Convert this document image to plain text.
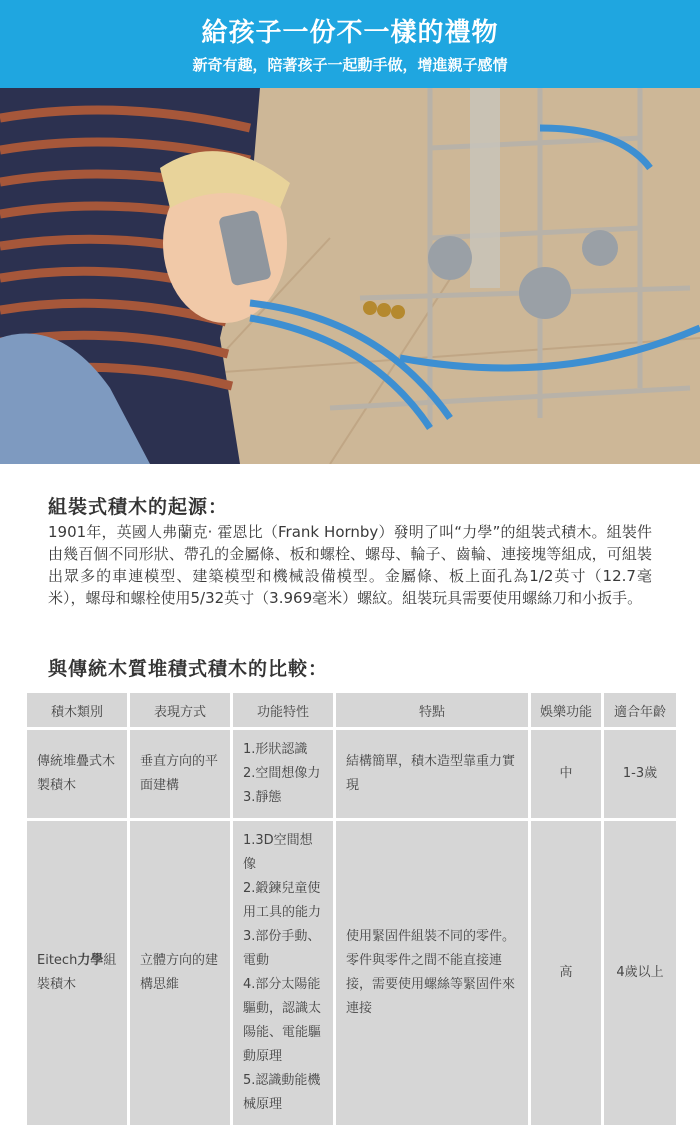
給孩子一份不一樣的禮物
新奇有趣，陪著孩子一起動手做，增進親子感情
組裝式積木的起源：
1901年，英國人弗蘭克· 霍恩比（Frank Hornby）發明了叫“力學”的組裝式積木。組裝件由幾百個不同形狀、帶孔的金屬條、板和螺栓、螺母、輪子、齒輪、連接塊等組成，可組裝出眾多的車連模型、建築模型和機械設備模型。金屬條、板上面孔為1/2英寸（12.7毫米），螺母和螺栓使用5/32英寸（3.969毫米）螺紋。組裝玩具需要使用螺絲刀和小扳手。
與傳統木質堆積式積木的比較：
積木類別	表現方式	功能特性	特點	娛樂功能	適合年齡
傳統堆疊式木製積木	垂直方向的平面建構	1.形狀認識
2.空間想像力
3.靜態	結構簡單，積木造型靠重力實現	中	1-3歲
Eitech力學組裝積木	立體方向的建構思維	1.3D空間想像
2.鍛鍊兒童使用工具的能力
3.部份手動、電動
4.部分太陽能驅動，認識太陽能、電能驅動原理
5.認識動能機械原理	使用緊固件組裝不同的零件。零件與零件之間不能直接連接，需要使用螺絲等緊固件來連接	高	4歲以上
